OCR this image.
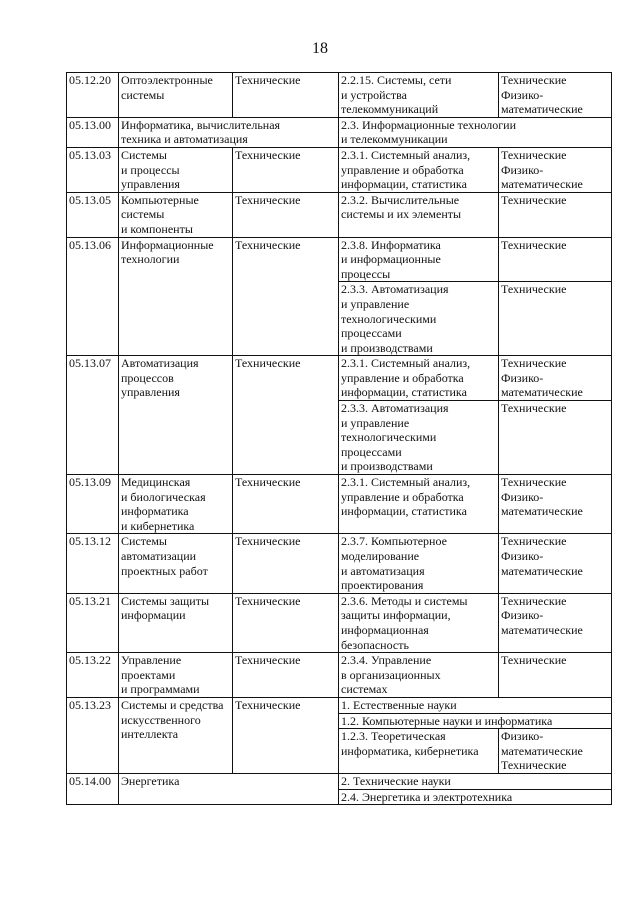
18
05.12.20	Оптоэлектронные
системы	Технические	2.2.15. Системы, сети
и устройства
телекоммуникаций	Технические
Физико-
математические
05.13.00	Информатика, вычислительная
техника и автоматизация		2.3. Информационные технологии
и телекоммуникации	
05.13.03	Системы
и процессы
управления	Технические	2.3.1. Системный анализ,
управление и обработка
информации, статистика	Технические
Физико-
математические
05.13.05	Компьютерные
системы
и компоненты	Технические	2.3.2. Вычислительные
системы и их элементы	Технические
05.13.06	Информационные
технологии	Технические	2.3.8. Информатика
и информационные
процессы	Технические
			2.3.3. Автоматизация
и управление
технологическими
процессами
и производствами	Технические
05.13.07	Автоматизация
процессов
управления	Технические	2.3.1. Системный анализ,
управление и обработка
информации, статистика	Технические
Физико-
математические
			2.3.3. Автоматизация
и управление
технологическими
процессами
и производствами	Технические
05.13.09	Медицинская
и биологическая
информатика
и кибернетика	Технические	2.3.1. Системный анализ,
управление и обработка
информации, статистика	Технические
Физико-
математические
05.13.12	Системы
автоматизации
проектных работ	Технические	2.3.7. Компьютерное
моделирование
и автоматизация
проектирования	Технические
Физико-
математические
05.13.21	Системы защиты
информации	Технические	2.3.6. Методы и системы
защиты информации,
информационная
безопасность	Технические
Физико-
математические
05.13.22	Управление
проектами
и программами	Технические	2.3.4. Управление
в организационных
системах	Технические
05.13.23	Системы и средства
искусственного
интеллекта	Технические	1. Естественные науки	
			1.2. Компьютерные науки и информатика	
			1.2.3. Теоретическая
информатика, кибернетика	Физико-
математические
Технические
05.14.00	Энергетика		2. Технические науки	
			2.4. Энергетика и электротехника	
